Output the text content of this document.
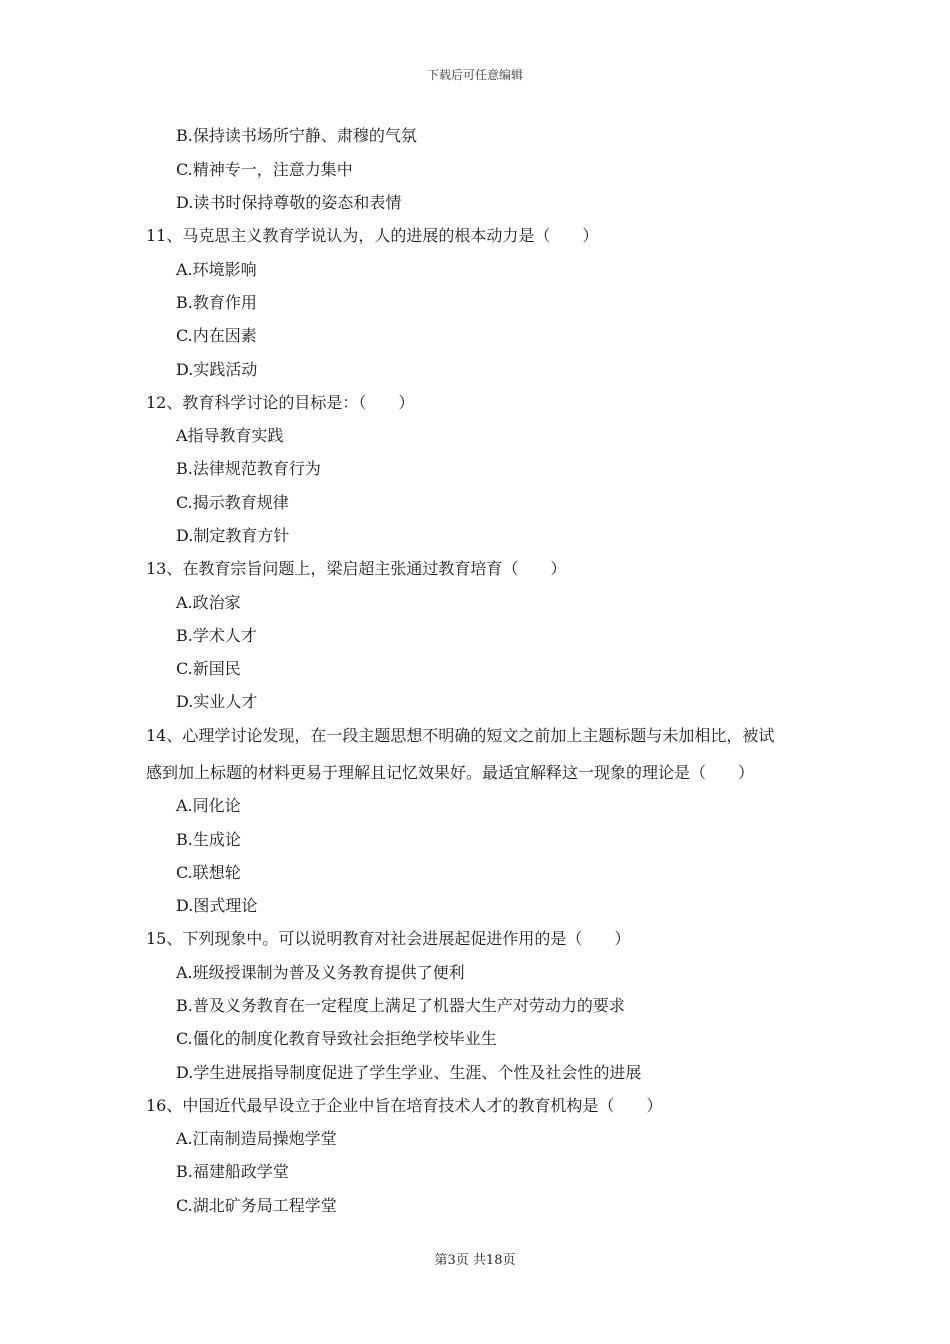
下载后可任意编辑
B.保持读书场所宁静、肃穆的气氛
C.精神专一，注意力集中
D.读书时保持尊敬的姿态和表情
11、马克思主义教育学说认为，人的进展的根本动力是（　　）
A.环境影响
B.教育作用
C.内在因素
D.实践活动
12、教育科学讨论的目标是：（　　）
A指导教育实践
B.法律规范教育行为
C.揭示教育规律
D.制定教育方针
13、在教育宗旨问题上，梁启超主张通过教育培育（　　）
A.政治家
B.学术人才
C.新国民
D.实业人才
14、心理学讨论发现，在一段主题思想不明确的短文之前加上主题标题与未加相比，被试
感到加上标题的材料更易于理解且记忆效果好。最适宜解释这一现象的理论是（　　）
A.同化论
B.生成论
C.联想轮
D.图式理论
15、下列现象中。可以说明教育对社会进展起促进作用的是（　　）
A.班级授课制为普及义务教育提供了便利
B.普及义务教育在一定程度上满足了机器大生产对劳动力的要求
C.僵化的制度化教育导致社会拒绝学校毕业生
D.学生进展指导制度促进了学生学业、生涯、个性及社会性的进展
16、中国近代最早设立于企业中旨在培育技术人才的教育机构是（　　）
A.江南制造局操炮学堂
B.福建船政学堂
C.湖北矿务局工程学堂
第3页 共18页
